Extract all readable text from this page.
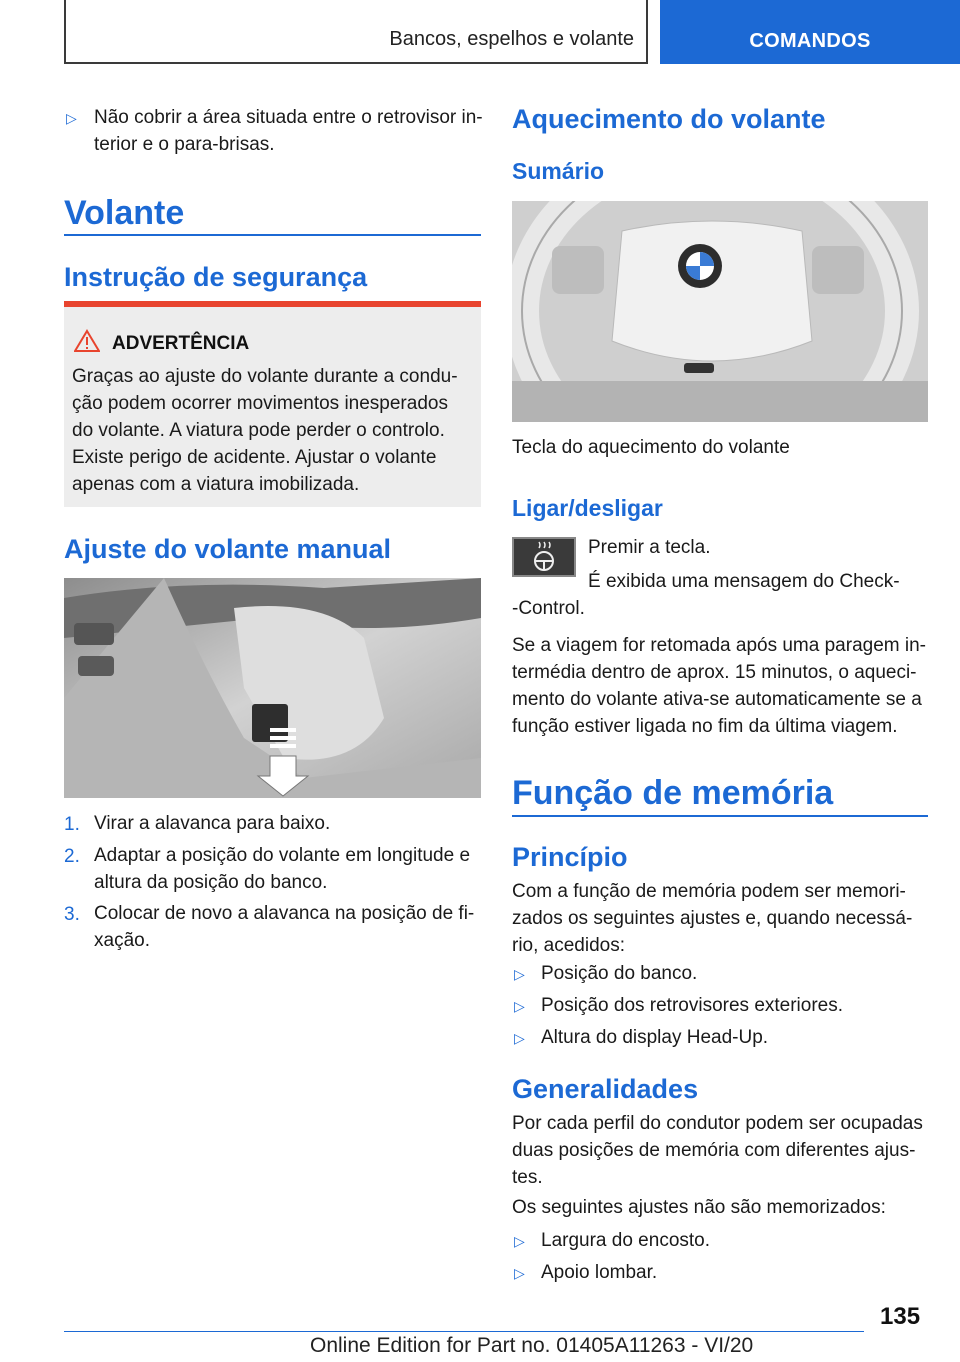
Bancos, espelhos e volante	COMANDOS
▷ Não cobrir a área situada entre o retrovisor in-
terior e o para-brisas.
Volante
Instrução de segurança
ADVERTÊNCIA
Graças ao ajuste do volante durante a condu-
ção podem ocorrer movimentos inesperados
do volante. A viatura pode perder o controlo.
Existe perigo de acidente. Ajustar o volante
apenas com a viatura imobilizada.
Ajuste do volante manual
1. Virar a alavanca para baixo.
2. Adaptar a posição do volante em longitude e
altura da posição do banco.
3. Colocar de novo a alavanca na posição de fi-
xação.
Aquecimento do volante
Sumário
Tecla do aquecimento do volante
Ligar/desligar
Premir a tecla.
É exibida uma mensagem do Check-
-Control.
Se a viagem for retomada após uma paragem in-
termédia dentro de aprox. 15 minutos, o aqueci-
mento do volante ativa-se automaticamente se a
função estiver ligada no fim da última viagem.
Função de memória
Princípio
Com a função de memória podem ser memori-
zados os seguintes ajustes e, quando necessá-
rio, acedidos:
▷ Posição do banco.
▷ Posição dos retrovisores exteriores.
▷ Altura do display Head-Up.
Generalidades
Por cada perfil do condutor podem ser ocupadas
duas posições de memória com diferentes ajus-
tes.
Os seguintes ajustes não são memorizados:
▷ Largura do encosto.
▷ Apoio lombar.
135
Online Edition for Part no. 01405A11263 - VI/20
